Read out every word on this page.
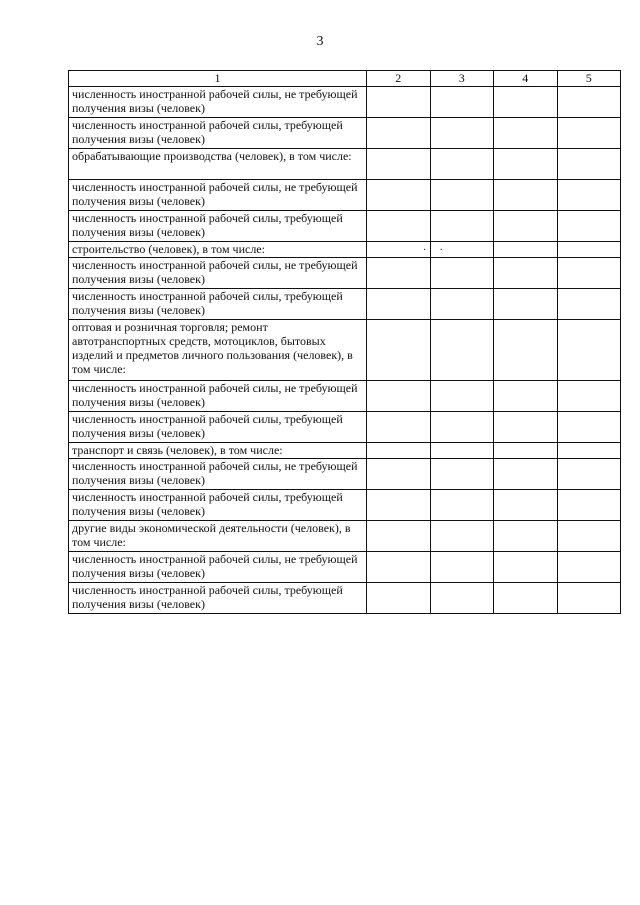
3
1	2	3	4	5
численность иностранной рабочей силы, не требующей получения визы (человек)				
численность иностранной рабочей силы, требующей получения визы (человек)				
обрабатывающие производства (человек), в том числе:				
численность иностранной рабочей силы, не требующей получения визы (человек)				
численность иностранной рабочей силы, требующей получения визы (человек)				
строительство (человек), в том числе:	·	·		

численность иностранной рабочей силы, не требующей получения визы (человек)				
численность иностранной рабочей силы, требующей получения визы (человек)				
оптовая и розничная торговля; ремонт автотранспортных средств, мотоциклов, бытовых изделий и предметов личного пользования (человек), в том числе:				
численность иностранной рабочей силы, не требующей получения визы (человек)				
численность иностранной рабочей силы, требующей получения визы (человек)				
транспорт и связь (человек), в том числе:				
численность иностранной рабочей силы, не требующей получения визы (человек)				
численность иностранной рабочей силы, требующей получения визы (человек)				
другие виды экономической деятельности (человек), в том числе:				
численность иностранной рабочей силы, не требующей получения визы (человек)				
численность иностранной рабочей силы, требующей получения визы (человек)				
